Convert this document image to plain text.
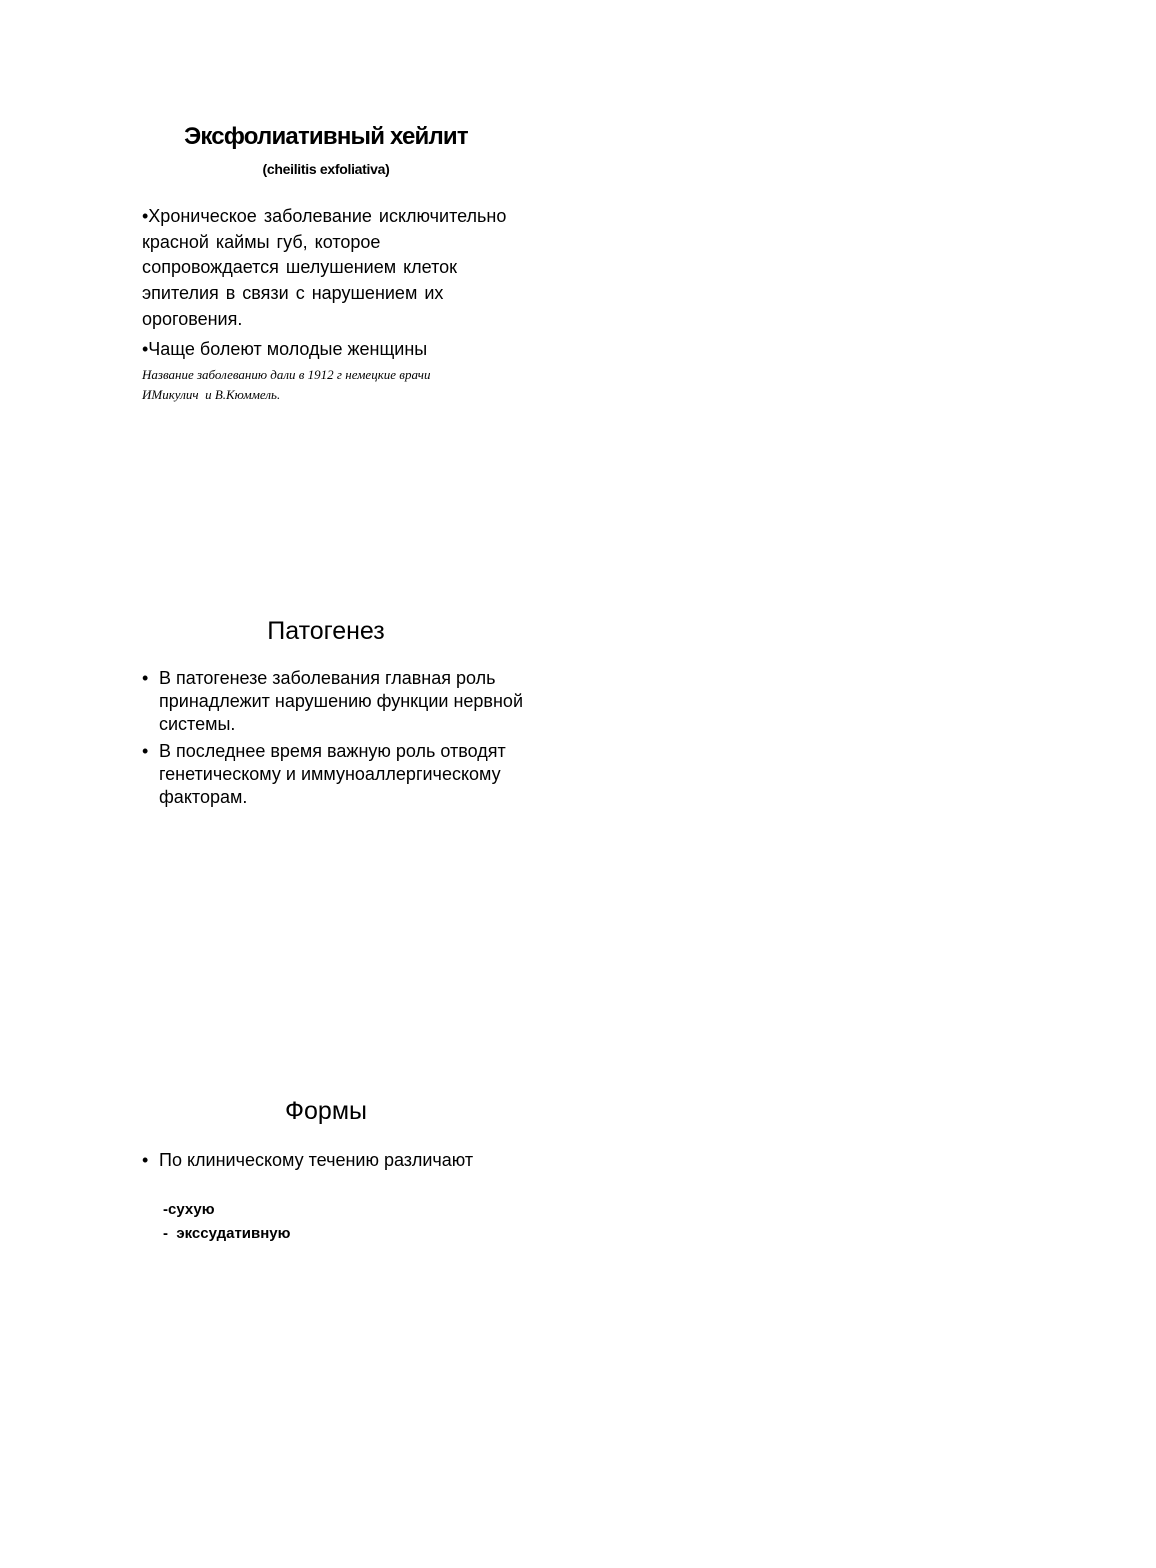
Эксфолиативный хейлит
(cheilitis exfoliativa)

•Хроническое заболевание исключительно красной каймы губ, которое сопровождается шелушением клеток эпителия в связи с нарушением их ороговения.

•Чаще болеют молодые женщины

Название заболеванию дали в 1912 г немецкие врачи
ИМикулич  и В.Кюммель.
Патогенез
• В патогенезе заболевания главная роль принадлежит нарушению функции нервной системы.
• В последнее время важную роль отводят генетическому и иммуноаллергическому факторам.
Формы
• По клиническому течению различают
-сухую
-  экссудативную
